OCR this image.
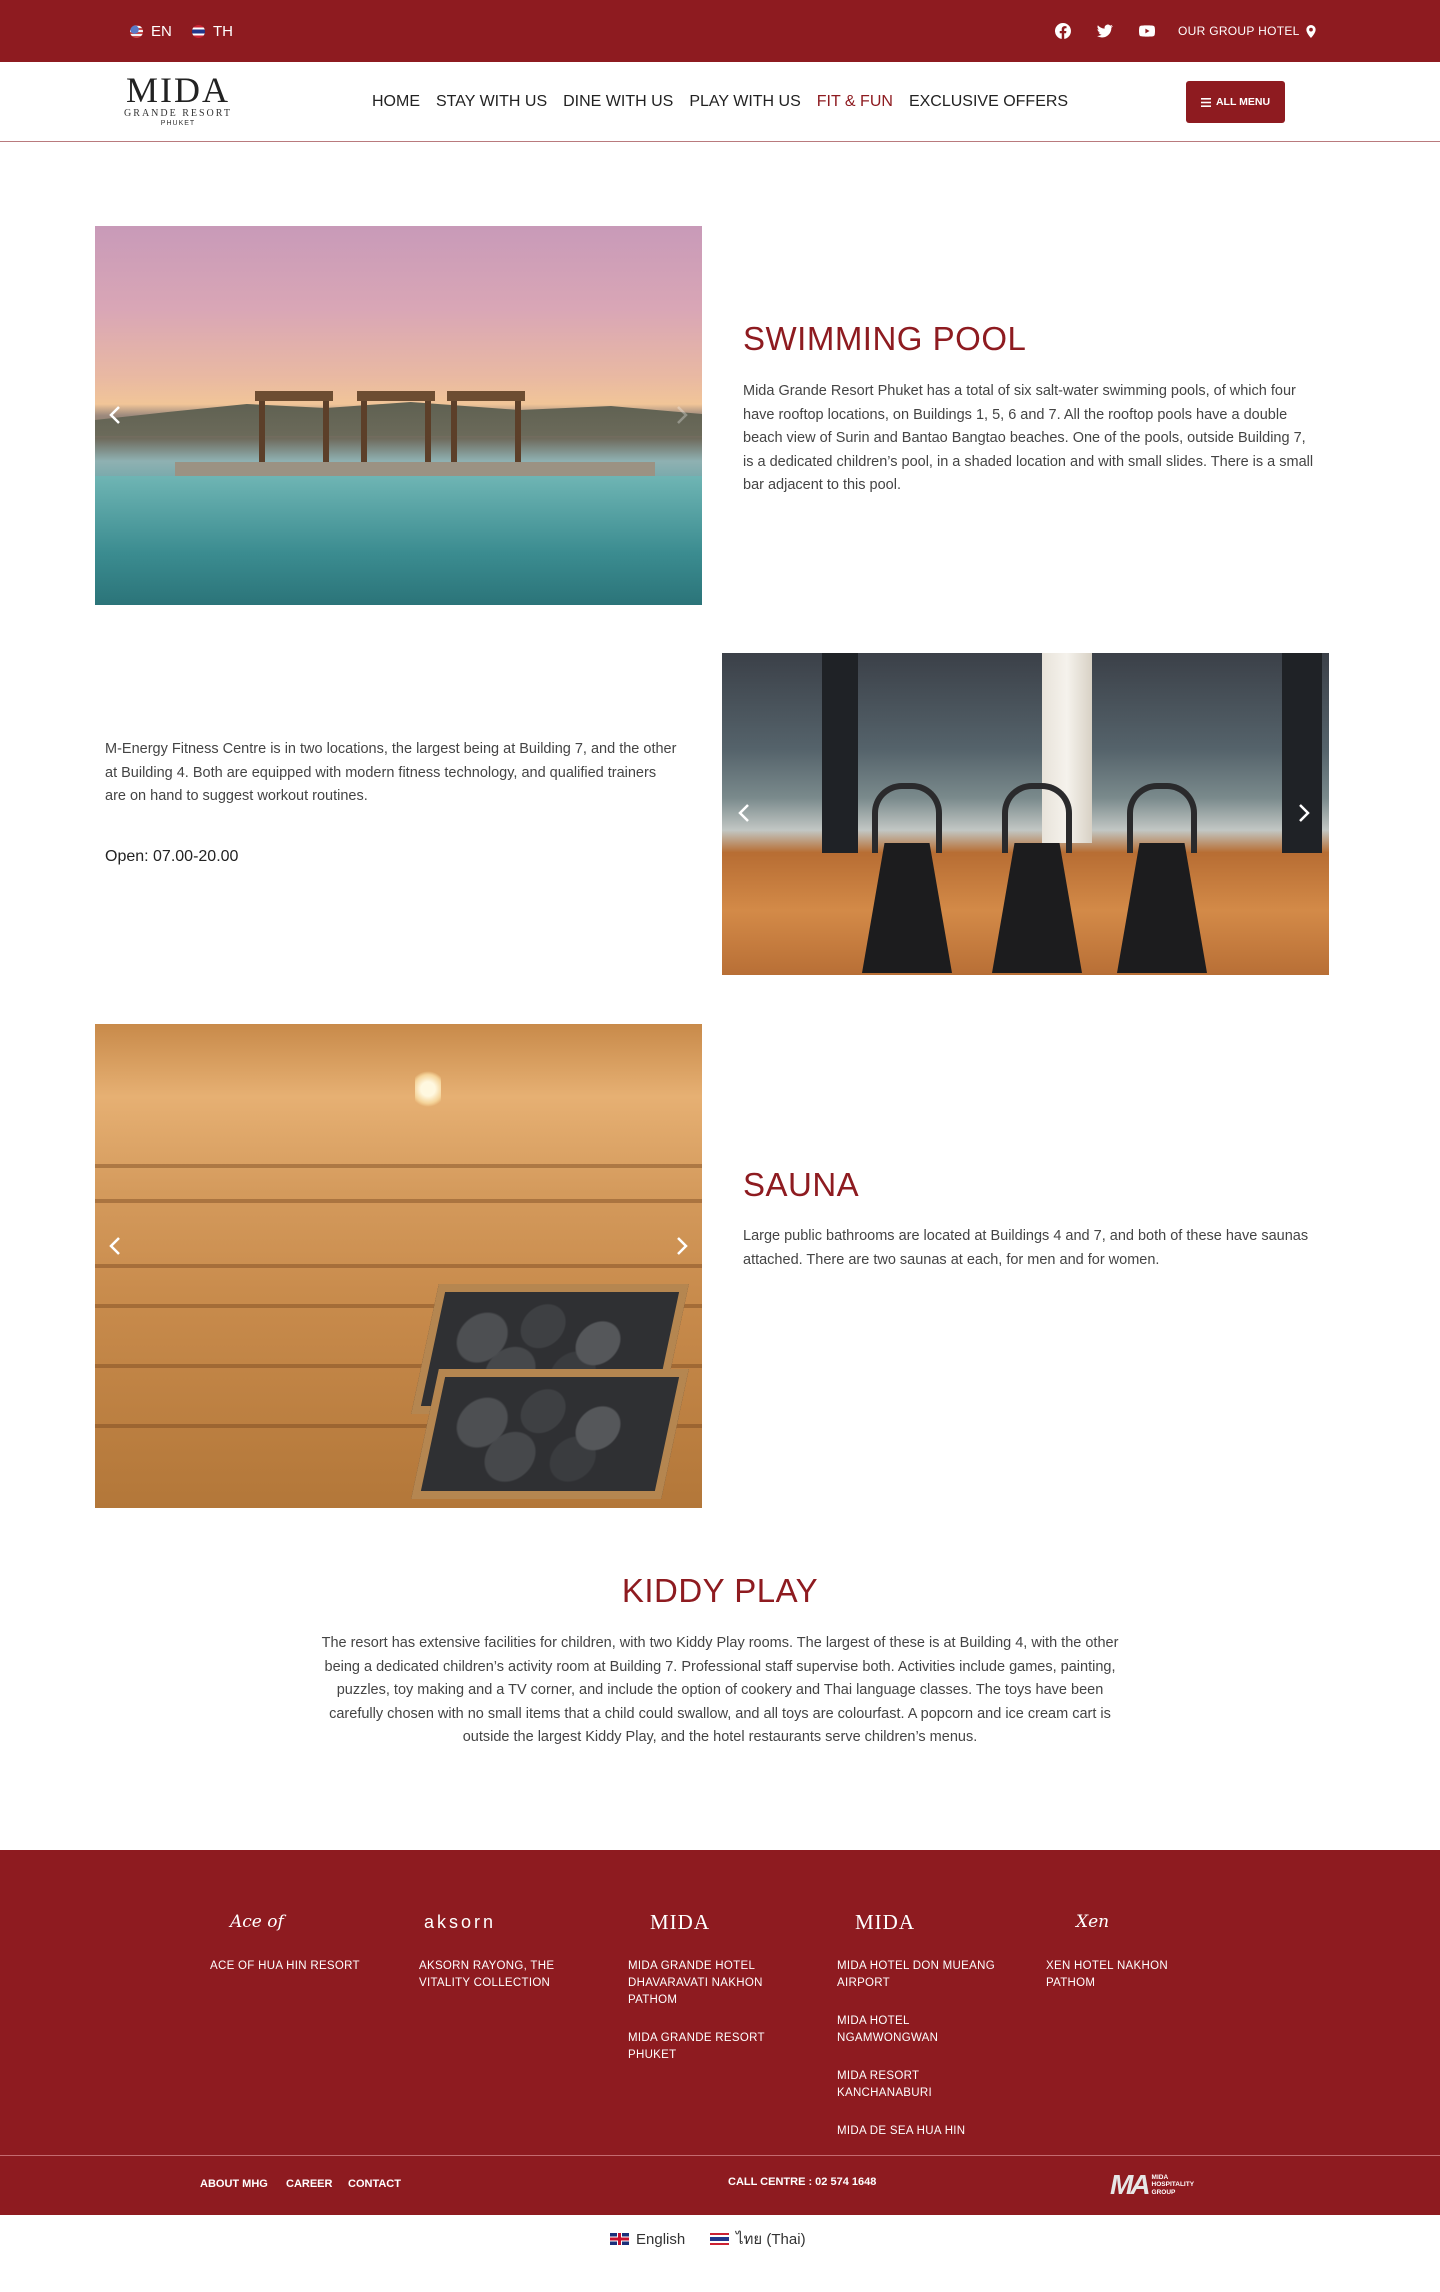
EN	TH	OUR GROUP HOTEL
MIDA
GRANDE RESORT
PHUKET
HOME STAY WITH US DINE WITH US PLAY WITH US FIT & FUN EXCLUSIVE OFFERS	ALL MENU
SWIMMING POOL

Mida Grande Resort Phuket has a total of six salt-water swimming pools, of which four have rooftop locations, on Buildings 1, 5, 6 and 7. All the rooftop pools have a double beach view of Surin and Bantao Bangtao beaches. One of the pools, outside Building 7, is a dedicated children’s pool, in a shaded location and with small slides. There is a small bar adjacent to this pool.

M-Energy Fitness Centre is in two locations, the largest being at Building 7, and the other at Building 4. Both are equipped with modern fitness technology, and qualified trainers are on hand to suggest workout routines.

Open: 07.00-20.00
SAUNA

Large public bathrooms are located at Buildings 4 and 7, and both of these have saunas attached. There are two saunas at each, for men and for women.

KIDDY PLAY

The resort has extensive facilities for children, with two Kiddy Play rooms. The largest of these is at Building 4, with the other being a dedicated children’s activity room at Building 7. Professional staff supervise both. Activities include games, painting, puzzles, toy making and a TV corner, and include the option of cookery and Thai language classes. The toys have been carefully chosen with no small items that a child could swallow, and all toys are colourfast. A popcorn and ice cream cart is outside the largest Kiddy Play, and the hotel restaurants serve children’s menus.

Ace of
ACE OF HUA HIN RESORT
aksorn
AKSORN RAYONG, THE VITALITY COLLECTION
MIDA
MIDA GRANDE HOTEL DHAVARAVATI NAKHON PATHOM
MIDA GRANDE RESORT PHUKET
MIDA
MIDA HOTEL DON MUEANG AIRPORT
MIDA HOTEL NGAMWONGWAN
MIDA RESORT KANCHANABURI
MIDA DE SEA HUA HIN
Xen
XEN HOTEL NAKHON PATHOM
ABOUT MHG CAREER CONTACT	CALL CENTRE : 02 574 1648	MA MIDA
HOSPITALITY
GROUP
English	ไทย (Thai)
